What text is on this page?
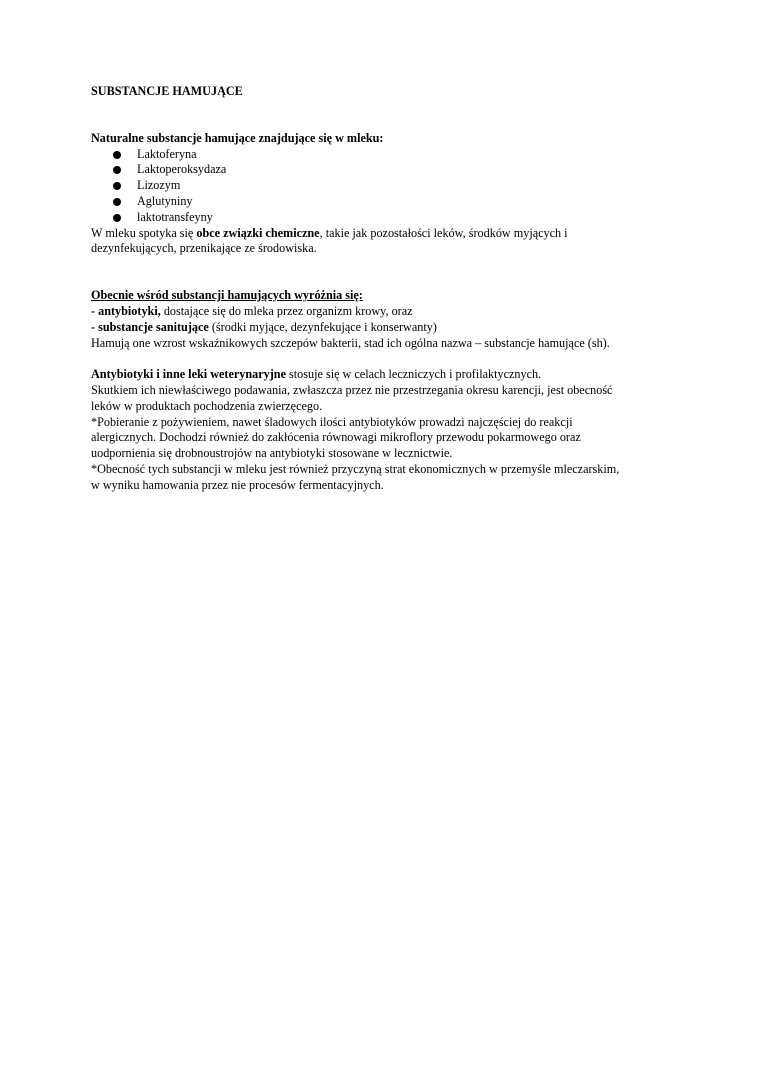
SUBSTANCJE HAMUJĄCE

Naturalne substancje hamujące znajdujące się w mleku:

Laktoferyna
Laktoperoksydaza
Lizozym
Aglutyniny
laktotransfeyny

W mleku spotyka się obce związki chemiczne, takie jak pozostałości leków, środków myjących i dezynfekujących, przenikające ze środowiska.

Obecnie wśród substancji hamujących wyróżnia się:

- antybiotyki, dostające się do mleka przez organizm krowy, oraz

- substancje sanitujące (środki myjące, dezynfekujące i konserwanty)

Hamują one wzrost wskaźnikowych szczepów bakterii, stad ich ogólna nazwa – substancje hamujące (sh).

Antybiotyki i inne leki weterynaryjne stosuje się w celach leczniczych i profilaktycznych.

Skutkiem ich niewłaściwego podawania, zwłaszcza przez nie przestrzegania okresu karencji, jest obecność leków w produktach pochodzenia zwierzęcego.

*Pobieranie z pożywieniem, nawet śladowych ilości antybiotyków prowadzi najczęściej do reakcji alergicznych. Dochodzi również do zakłócenia równowagi mikroflory przewodu pokarmowego oraz uodpornienia się drobnoustrojów na antybiotyki stosowane w lecznictwie.

*Obecność tych substancji w mleku jest również przyczyną strat ekonomicznych w przemyśle mleczarskim, w wyniku hamowania przez nie procesów fermentacyjnych.
